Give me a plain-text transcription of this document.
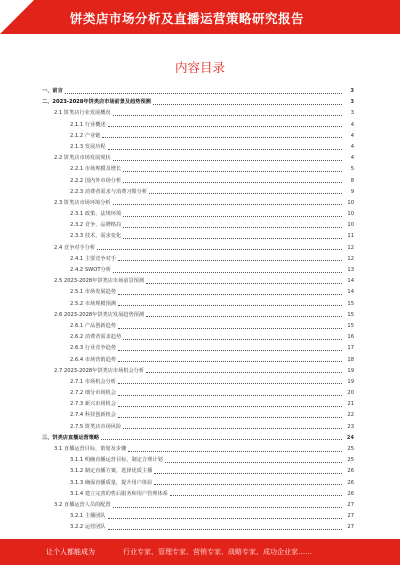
饼类店市场分析及直播运营策略研究报告
内容目录
一、前言	3
二、2023-2028年饼类店市场前景及趋势预测	3
2.1 饼类店行业发展概况	3
2.1.1 行业概述	4
2.1.2 产业链	4
2.1.3 发展历程	4
2.2 饼类店市场发展现状	4
2.2.1 市场规模及增长	5
2.2.2 国内外市场分析	8
2.2.3 消费者需求与消费习惯分析	9
2.3 饼类店市场环境分析	10
2.3.1 政策、法规环境	10
2.3.2 竞争、品牌格局	10
2.3.3 技术、需求变化	11
2.4 竞争对手分析	12
2.4.1 主要竞争对手	12
2.4.2 SWOT分析	13
2.5 2023-2028年饼类店市场前景预测	14
2.5.1 市场发展趋势	14
2.5.2 市场规模预测	15
2.6 2023-2028年饼类店发展趋势预测	15
2.6.1 产品创新趋势	15
2.6.2 消费者需求趋势	16
2.6.3 行业竞争趋势	17
2.6.4 市场营销趋势	18
2.7 2023-2028年饼类店市场机会分析	19
2.7.1 市场机会分析	19
2.7.2 细分市场机会	20
2.7.3 新兴市场机会	21
2.7.4 科技创新机会	22
2.7.5 饼类店市场风险	23
三、饼类店直播运营策略	24
3.1 直播运营目标、策划及步骤	25
3.1.1 明确直播运营目标，制定合理计划	25
3.1.2 制定直播方案，选择优质主播	26
3.1.3 确保直播质量，提升用户体验	26
3.1.4 建立完善的售后服务和用户管理体系	26
3.2 直播运营人员的配置	27
3.2.1 主播团队	27
3.2.2 运营团队	27
让个人都能成为	行业专家、管理专家、营销专家、战略专家、成功企业家……
